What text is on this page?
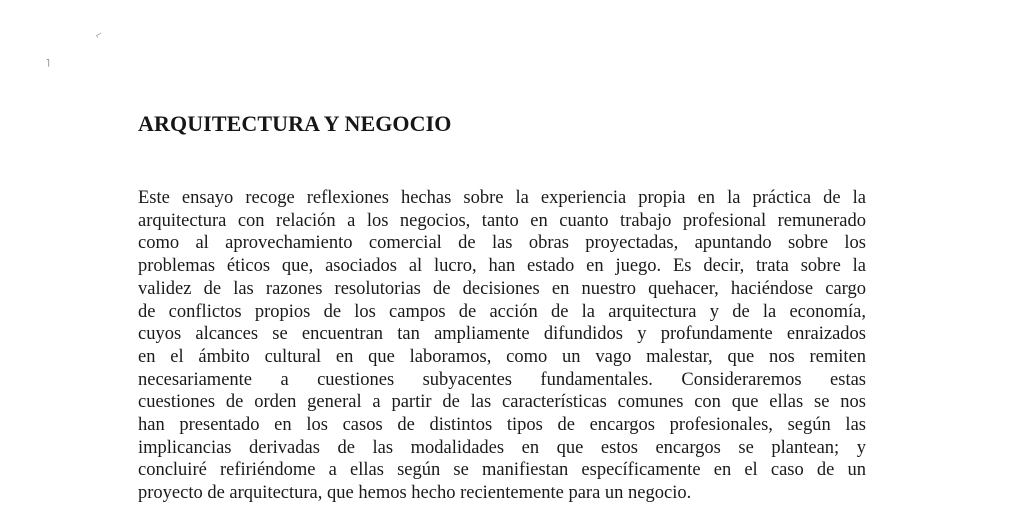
⌐
˥
ARQUITECTURA Y NEGOCIO

Este ensayo recoge reflexiones hechas sobre la experiencia propia en la práctica de la
arquitectura con relación a los negocios, tanto en cuanto trabajo profesional remunerado
como al aprovechamiento comercial de las obras proyectadas, apuntando sobre los
problemas éticos que, asociados al lucro, han estado en juego. Es decir, trata sobre la
validez de las razones resolutorias de decisiones en nuestro quehacer, haciéndose cargo
de conflictos propios de los campos de acción de la arquitectura y de la economía,
cuyos alcances se encuentran tan ampliamente difundidos y profundamente enraizados
en el ámbito cultural en que laboramos, como un vago malestar, que nos remiten
necesariamente a cuestiones subyacentes fundamentales. Consideraremos estas
cuestiones de orden general a partir de las características comunes con que ellas se nos
han presentado en los casos de distintos tipos de encargos profesionales, según las
implicancias derivadas de las modalidades en que estos encargos se plantean; y
concluiré refiriéndome a ellas según se manifiestan específicamente en el caso de un
proyecto de arquitectura, que hemos hecho recientemente para un negocio.
